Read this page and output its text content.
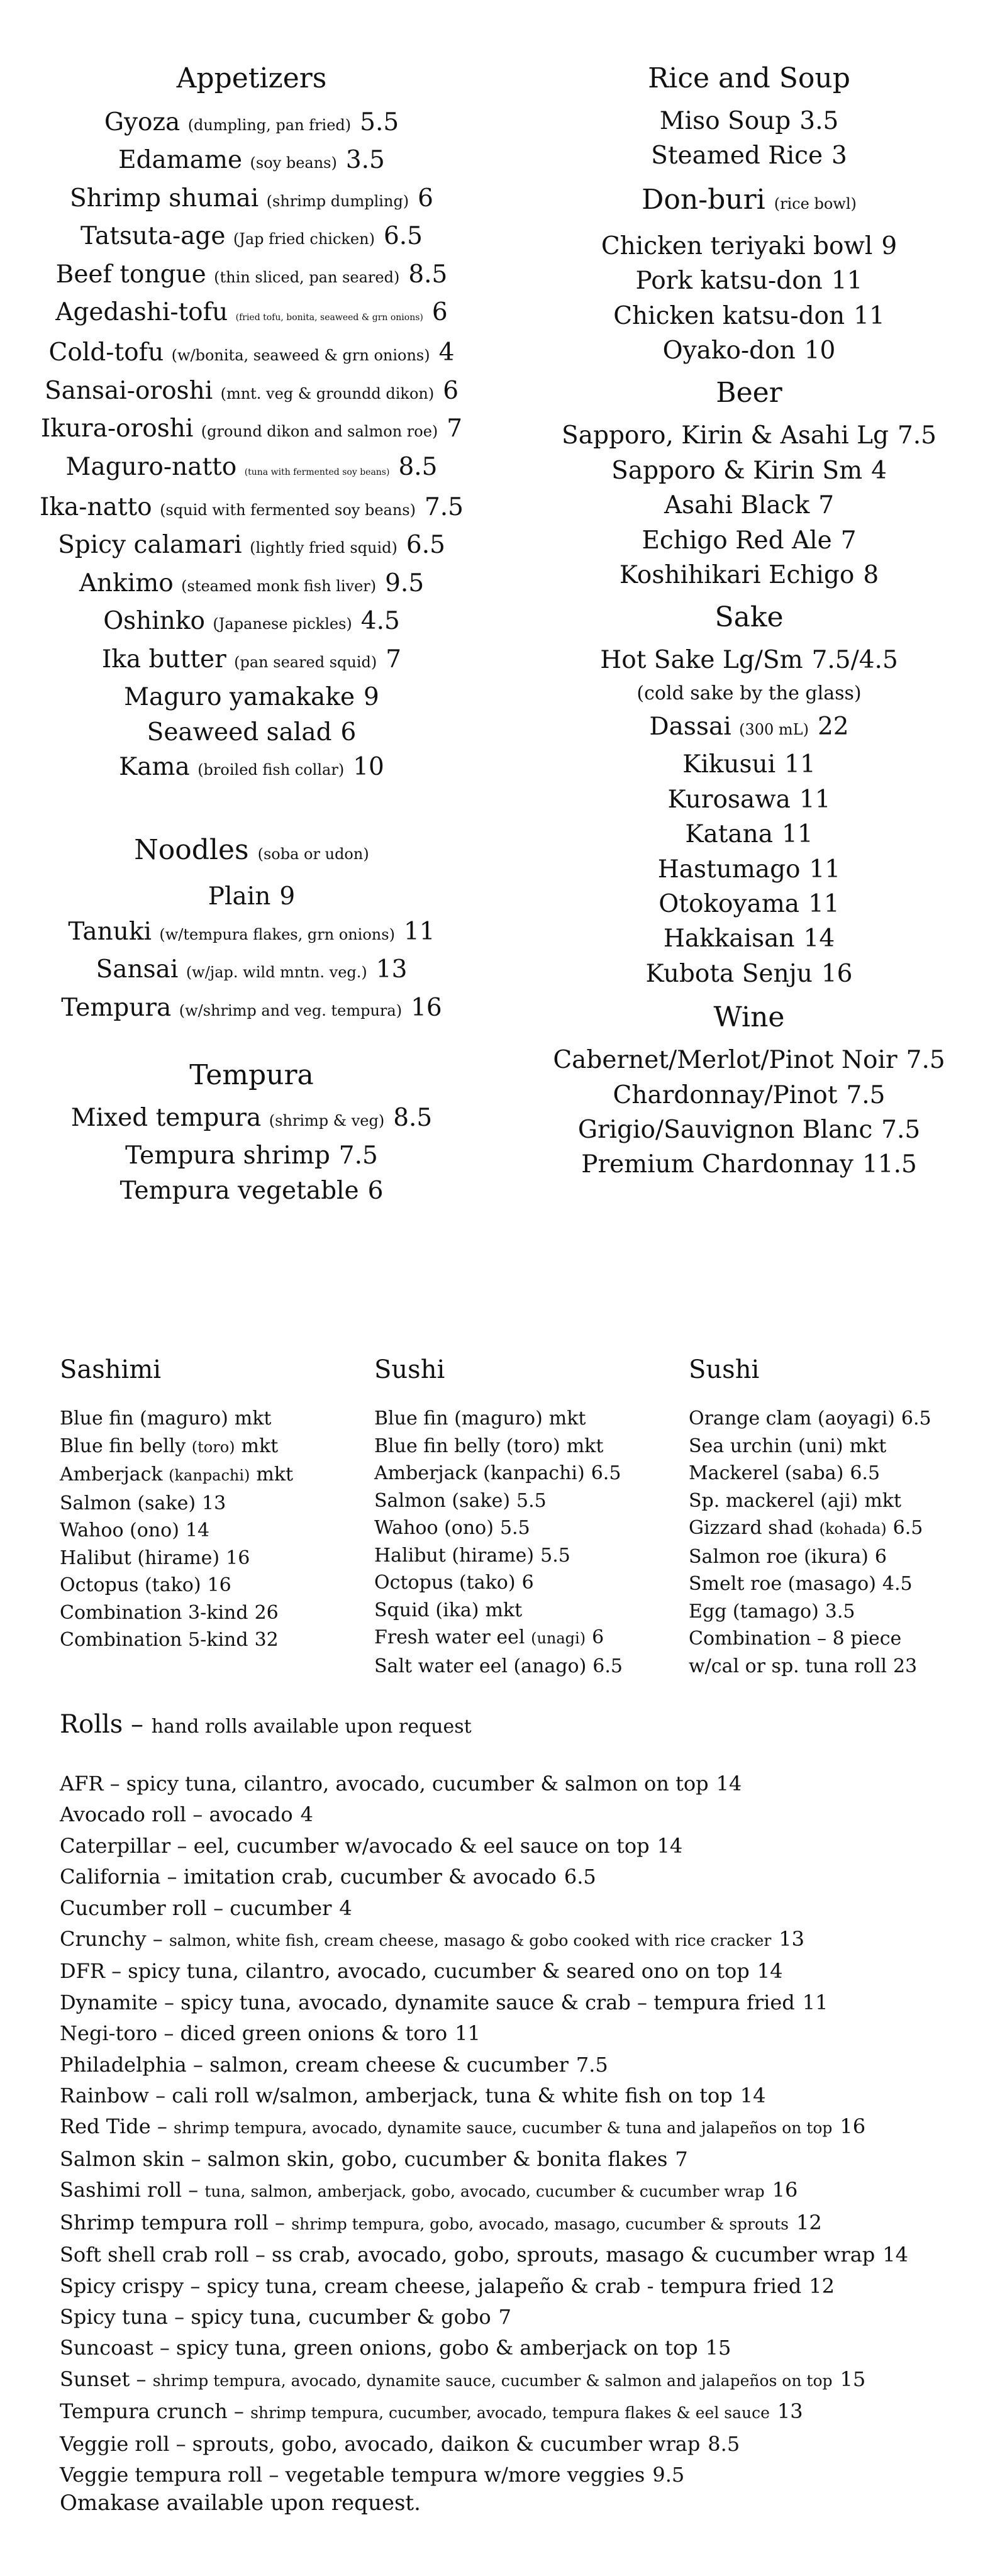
Appetizers
Gyoza (dumpling, pan fried) 5.5
Edamame (soy beans) 3.5
Shrimp shumai (shrimp dumpling) 6
Tatsuta-age (Jap fried chicken) 6.5
Beef tongue (thin sliced, pan seared) 8.5
Agedashi-tofu (fried tofu, bonita, seaweed & grn onions) 6
Cold-tofu (w/bonita, seaweed & grn onions) 4
Sansai-oroshi (mnt. veg & groundd dikon) 6
Ikura-oroshi (ground dikon and salmon roe) 7
Maguro-natto (tuna with fermented soy beans) 8.5
Ika-natto (squid with fermented soy beans) 7.5
Spicy calamari (lightly fried squid) 6.5
Ankimo (steamed monk fish liver) 9.5
Oshinko (Japanese pickles) 4.5
Ika butter (pan seared squid) 7
Maguro yamakake 9
Seaweed salad 6
Kama (broiled fish collar) 10
Noodles (soba or udon)
Plain 9
Tanuki (w/tempura flakes, grn onions) 11
Sansai (w/jap. wild mntn. veg.) 13
Tempura (w/shrimp and veg. tempura) 16
Tempura
Mixed tempura (shrimp & veg) 8.5
Tempura shrimp 7.5
Tempura vegetable 6
Rice and Soup
Miso Soup 3.5
Steamed Rice 3
Don-buri (rice bowl)
Chicken teriyaki bowl 9
Pork katsu-don 11
Chicken katsu-don 11
Oyako-don 10
Beer
Sapporo, Kirin & Asahi Lg 7.5
Sapporo & Kirin Sm 4
Asahi Black 7
Echigo Red Ale 7
Koshihikari Echigo 8
Sake
Hot Sake Lg/Sm 7.5/4.5
(cold sake by the glass)
Dassai (300 mL) 22
Kikusui 11
Kurosawa 11
Katana 11
Hastumago 11
Otokoyama 11
Hakkaisan 14
Kubota Senju 16
Wine
Cabernet/Merlot/Pinot Noir 7.5
Chardonnay/Pinot 7.5
Grigio/Sauvignon Blanc 7.5
Premium Chardonnay 11.5
Sashimi
Blue fin (maguro) mkt
Blue fin belly (toro) mkt
Amberjack (kanpachi) mkt
Salmon (sake) 13
Wahoo (ono) 14
Halibut (hirame) 16
Octopus (tako) 16
Combination 3-kind 26
Combination 5-kind 32
Sushi
Blue fin (maguro) mkt
Blue fin belly (toro) mkt
Amberjack (kanpachi) 6.5
Salmon (sake) 5.5
Wahoo (ono) 5.5
Halibut (hirame) 5.5
Octopus (tako) 6
Squid (ika) mkt
Fresh water eel (unagi) 6
Salt water eel (anago) 6.5
Sushi
Orange clam (aoyagi) 6.5
Sea urchin (uni) mkt
Mackerel (saba) 6.5
Sp. mackerel (aji) mkt
Gizzard shad (kohada) 6.5
Salmon roe (ikura) 6
Smelt roe (masago) 4.5
Egg (tamago) 3.5
Combination – 8 piece
w/cal or sp. tuna roll 23
Rolls – hand rolls available upon request
AFR – spicy tuna, cilantro, avocado, cucumber & salmon on top 14
Avocado roll – avocado 4
Caterpillar – eel, cucumber w/avocado & eel sauce on top 14
California – imitation crab, cucumber & avocado 6.5
Cucumber roll – cucumber 4
Crunchy – salmon, white fish, cream cheese, masago & gobo cooked with rice cracker 13
DFR – spicy tuna, cilantro, avocado, cucumber & seared ono on top 14
Dynamite – spicy tuna, avocado, dynamite sauce & crab – tempura fried 11
Negi-toro – diced green onions & toro 11
Philadelphia – salmon, cream cheese & cucumber 7.5
Rainbow – cali roll w/salmon, amberjack, tuna & white fish on top 14
Red Tide – shrimp tempura, avocado, dynamite sauce, cucumber & tuna and jalapeños on top 16
Salmon skin – salmon skin, gobo, cucumber & bonita flakes 7
Sashimi roll – tuna, salmon, amberjack, gobo, avocado, cucumber & cucumber wrap 16
Shrimp tempura roll – shrimp tempura, gobo, avocado, masago, cucumber & sprouts 12
Soft shell crab roll – ss crab, avocado, gobo, sprouts, masago & cucumber wrap 14
Spicy crispy – spicy tuna, cream cheese, jalapeño & crab - tempura fried 12
Spicy tuna – spicy tuna, cucumber & gobo 7
Suncoast – spicy tuna, green onions, gobo & amberjack on top 15
Sunset – shrimp tempura, avocado, dynamite sauce, cucumber & salmon and jalapeños on top 15
Tempura crunch – shrimp tempura, cucumber, avocado, tempura flakes & eel sauce 13
Veggie roll – sprouts, gobo, avocado, daikon & cucumber wrap 8.5
Veggie tempura roll – vegetable tempura w/more veggies 9.5
Omakase available upon request.
